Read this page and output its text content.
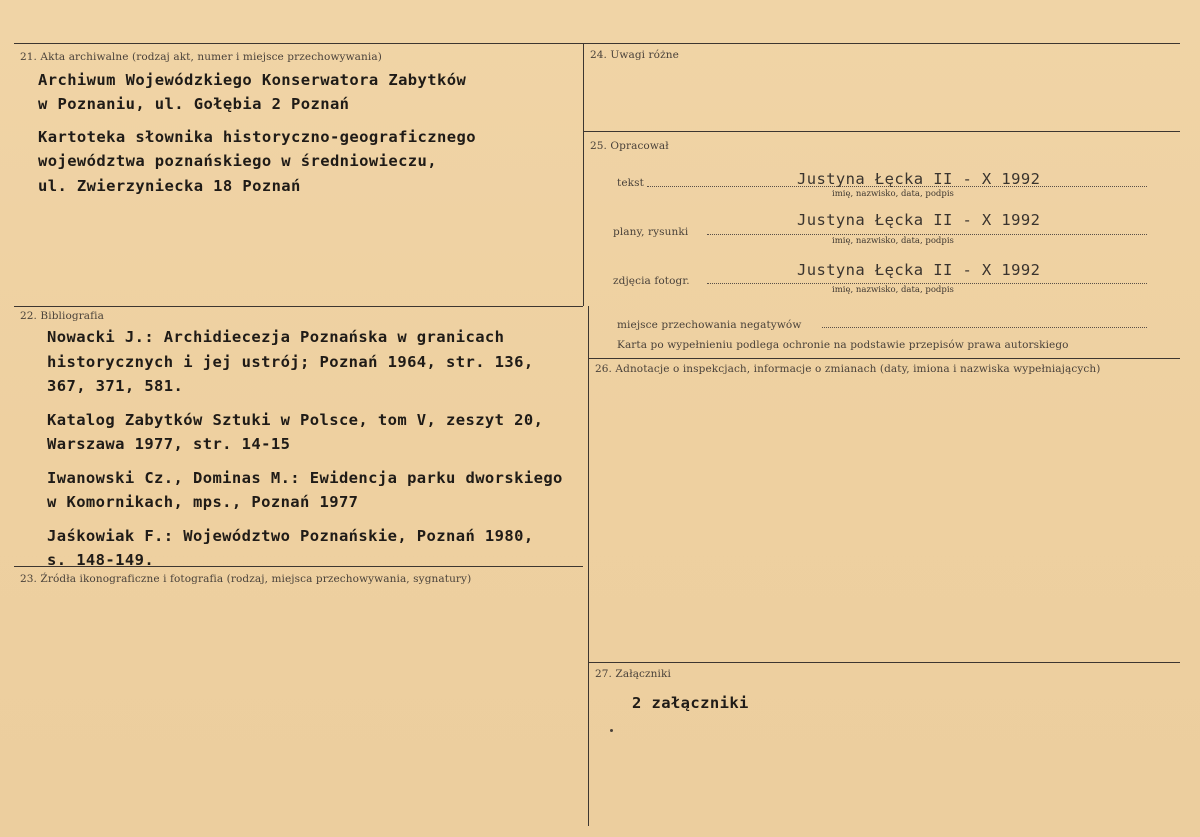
21. Akta archiwalne (rodzaj akt, numer i miejsce przechowywania)
Archiwum Wojewódzkiego Konserwatora Zabytków
w Poznaniu, ul. Gołębia 2 Poznań
Kartoteka słownika historyczno-geograficznego
województwa poznańskiego w średniowieczu,
ul. Zwierzyniecka 18 Poznań
22. Bibliografia
Nowacki J.: Archidiecezja Poznańska w granicach
historycznych i jej ustrój; Poznań 1964, str. 136,
367, 371, 581.
Katalog Zabytków Sztuki w Polsce, tom V, zeszyt 20,
Warszawa 1977, str. 14-15
Iwanowski Cz., Dominas M.: Ewidencja parku dworskiego
w Komornikach, mps., Poznań 1977
Jaśkowiak F.: Województwo Poznańskie, Poznań 1980,
s. 148-149.
23. Źródła ikonograficzne i fotografia (rodzaj, miejsca przechowywania, sygnatury)
24. Uwagi różne
25. Opracował
tekst	Justyna Łęcka II - X 1992
imię, nazwisko, data, podpis
plany, rysunki
Justyna Łęcka II - X 1992
imię, nazwisko, data, podpis
zdjęcia fotogr.
Justyna Łęcka II - X 1992
imię, nazwisko, data, podpis
miejsce przechowania negatywów
Karta po wypełnieniu podlega ochronie na podstawie przepisów prawa autorskiego
26. Adnotacje o inspekcjach, informacje o zmianach (daty, imiona i nazwiska wypełniających)
27. Załączniki
2 załączniki
